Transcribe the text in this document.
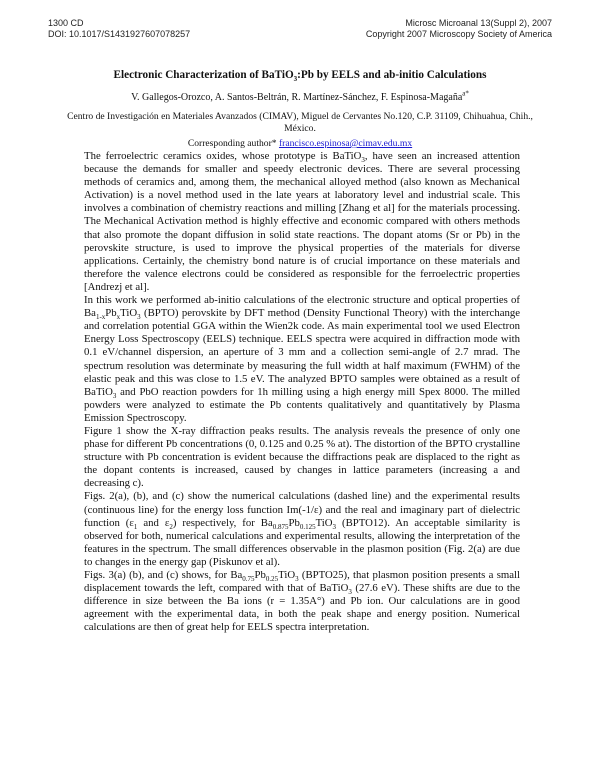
1300 CD
DOI: 10.1017/S1431927607078257
Microsc Microanal 13(Suppl 2), 2007
Copyright 2007 Microscopy Society of America
Electronic Characterization of BaTiO$_3$:Pb by EELS and ab-initio Calculations
V. Gallegos-Orozco, A. Santos-Beltrán, R. Martínez-Sánchez, F. Espinosa-Magaña$^{a*}$
Centro de Investigación en Materiales Avanzados (CIMAV), Miguel de Cervantes No.120, C.P. 31109, Chihuahua, Chih., México.
Corresponding author* francisco.espinosa@cimav.edu.mx

The ferroelectric ceramics oxides, whose prototype is BaTiO$_3$, have seen an increased attention because the demands for smaller and speedy electronic devices. There are several processing methods of ceramics and, among them, the mechanical alloyed method (also known as Mechanical Activation) is a novel method used in the late years at laboratory level and industrial scale. This involves a combination of chemistry reactions and milling [Zhang et al] for the materials processing. The Mechanical Activation method is highly effective and economic compared with others methods that also promote the dopant diffusion in solid state reactions. The dopant atoms (Sr or Pb) in the perovskite structure, is used to improve the physical properties of the materials for diverse applications. Certainly, the chemistry bond nature is of crucial importance on these materials and therefore the valence electrons could be considered as responsible for the ferroelectric properties [Andrezj et al].

In this work we performed ab-initio calculations of the electronic structure and optical properties of $Ba_{1-x}Pb_xTiO_3$ (BPTO) perovskite by DFT method (Density Functional Theory) with the interchange and correlation potential GGA within the Wien2k code. As main experimental tool we used Electron Energy Loss Spectroscopy (EELS) technique. EELS spectra were acquired in diffraction mode with 0.1 eV/channel dispersion, an aperture of 3 mm and a collection semi-angle of 2.7 mrad. The spectrum resolution was determinate by measuring the full width at half maximum (FWHM) of the elastic peak and this was close to 1.5 eV. The analyzed BPTO samples were obtained as a result of BaTiO$_3$ and PbO reaction powders for 1h milling using a high energy mill Spex 8000. The milled powders were analyzed to estimate the Pb contents qualitatively and quantitatively by Plasma Emission Spectroscopy.

Figure 1 show the X-ray diffraction peaks results. The analysis reveals the presence of only one phase for different Pb concentrations (0, 0.125 and 0.25 % at). The distortion of the BPTO crystalline structure with Pb concentration is evident because the diffractions peak are displaced to the right as the dopant contents is increased, caused by changes in lattice parameters (increasing a and decreasing c).

Figs. 2(a), (b), and (c) show the numerical calculations (dashed line) and the experimental results (continuous line) for the energy loss function Im(-1/ε) and the real and imaginary part of dielectric function ($\varepsilon_1$ and $\varepsilon_2$) respectively, for $Ba_{0.875}Pb_{0.125}TiO_3$ (BPTO12). An acceptable similarity is observed for both, numerical calculations and experimental results, allowing the interpretation of the features in the spectrum. The small differences observable in the plasmon position (Fig. 2(a) are due to changes in the energy gap (Piskunov et al).

Figs. 3(a) (b), and (c) shows, for $Ba_{0.75}Pb_{0.25}TiO_3$ (BPTO25), that plasmon position presents a small displacement towards the left, compared with that of BaTiO$_3$ (27.6 eV). These shifts are due to the difference in size between the Ba ions (r = 1.35A°) and Pb ion. Our calculations are in good agreement with the experimental data, in both the peak shape and energy position. Numerical calculations are then of great help for EELS spectra interpretation.
